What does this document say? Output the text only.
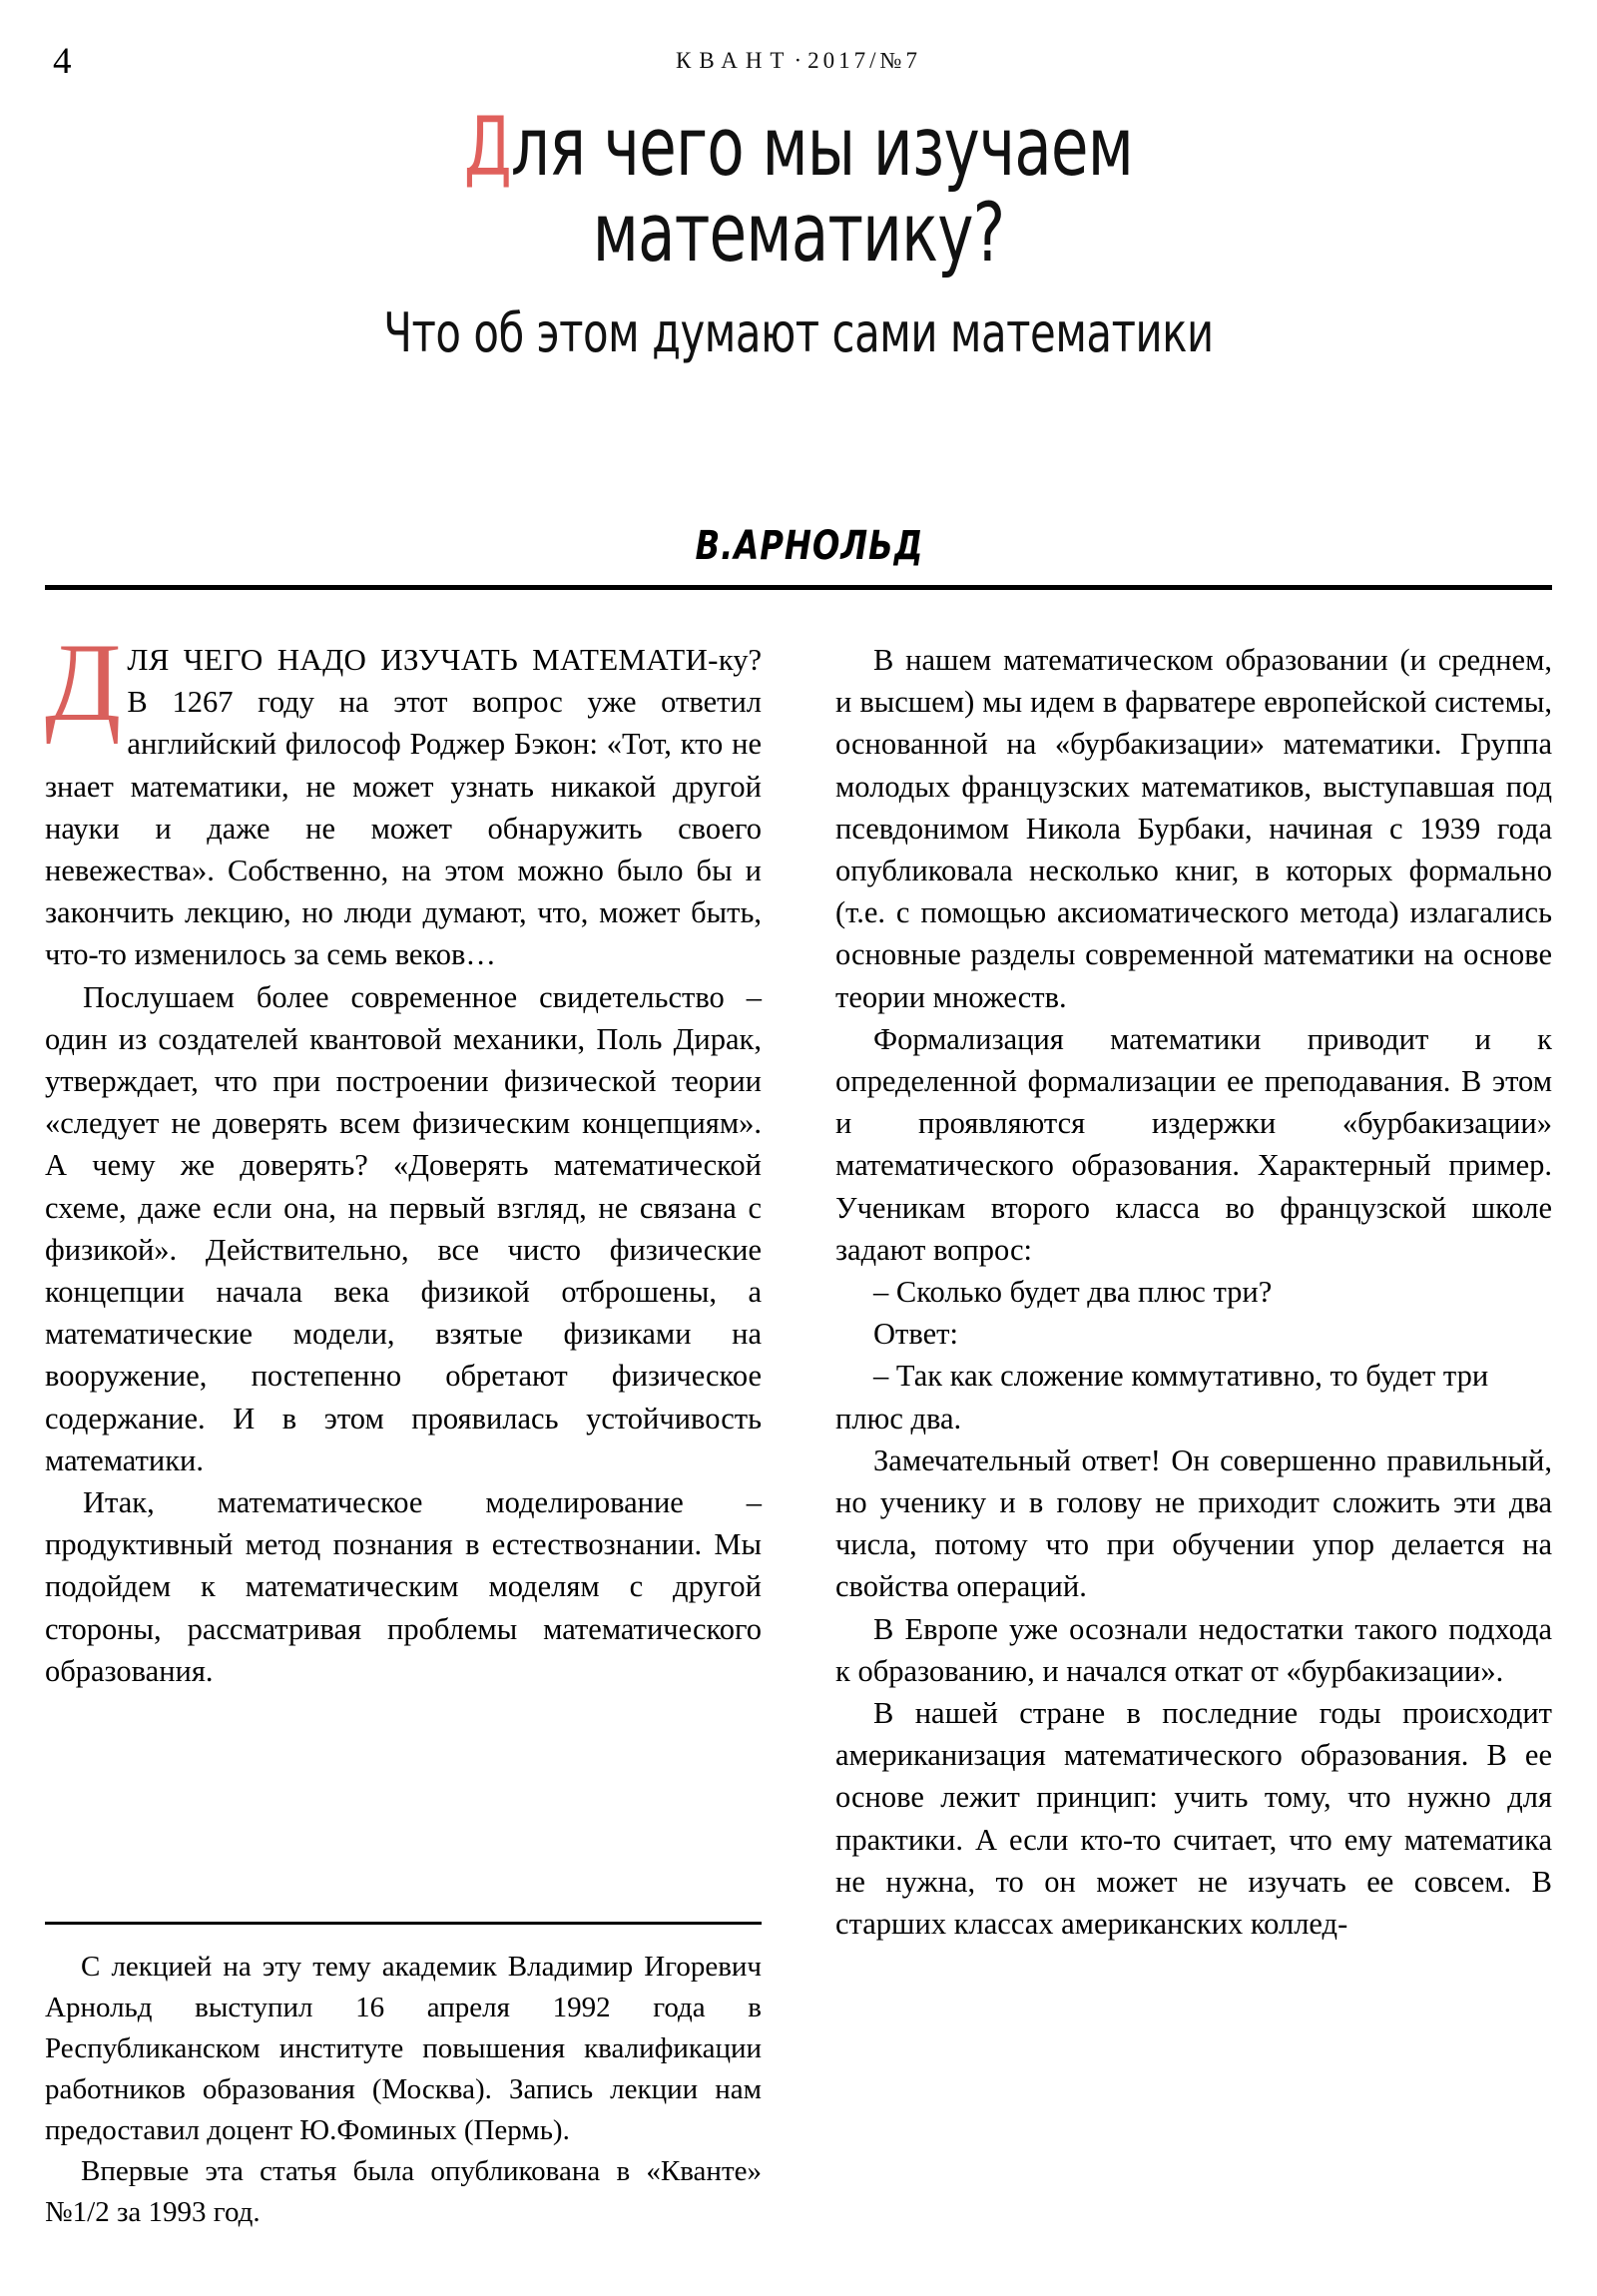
4	КВАНТ·2017/№7
Для чего мы изучаем
математику?
Что об этом думают сами математики
В.АРНОЛЬД

ДЛЯ ЧЕГО НАДО ИЗУЧАТЬ МАТЕМАТИ-ку? В 1267 году на этот вопрос уже ответил английский философ Роджер Бэкон: «Тот, кто не знает математики, не может узнать никакой другой науки и даже не может обнаружить своего невежества». Собственно, на этом можно было бы и закончить лекцию, но люди думают, что, может быть, что-то изменилось за семь веков…

Послушаем более современное свидетельство – один из создателей квантовой механики, Поль Дирак, утверждает, что при построении физической теории «следует не доверять всем физическим концепциям». А чему же доверять? «Доверять математической схеме, даже если она, на первый взгляд, не связана с физикой». Действительно, все чисто физические концепции начала века физикой отброшены, а математические модели, взятые физиками на вооружение, постепенно обретают физическое содержание. И в этом проявилась устойчивость математики.

Итак, математическое моделирование – продуктивный метод познания в естествознании. Мы подойдем к математическим моделям с другой стороны, рассматривая проблемы математического образования.

В нашем математическом образовании (и среднем, и высшем) мы идем в фарватере европейской системы, основанной на «бурбакизации» математики. Группа молодых французских математиков, выступавшая под псевдонимом Никола Бурбаки, начиная с 1939 года опубликовала несколько книг, в которых формально (т.е. с помощью аксиоматического метода) излагались основные разделы современной математики на основе теории множеств.

Формализация математики приводит и к определенной формализации ее преподавания. В этом и проявляются издержки «бурбакизации» математического образования. Характерный пример. Ученикам второго класса во французской школе задают вопрос:

– Сколько будет два плюс три?

Ответ:

– Так как сложение коммутативно, то будет три плюс два.

Замечательный ответ! Он совершенно правильный, но ученику и в голову не приходит сложить эти два числа, потому что при обучении упор делается на свойства операций.

В Европе уже осознали недостатки такого подхода к образованию, и начался откат от «бурбакизации».

В нашей стране в последние годы происходит американизация математического образования. В ее основе лежит принцип: учить тому, что нужно для практики. А если кто-то считает, что ему математика не нужна, то он может не изучать ее совсем. В старших классах американских коллед-

С лекцией на эту тему академик Владимир Игоревич Арнольд выступил 16 апреля 1992 года в Республиканском институте повышения квалификации работников образования (Москва). Запись лекции нам предоставил доцент Ю.Фоминых (Пермь).

Впервые эта статья была опубликована в «Кванте» №1/2 за 1993 год.
